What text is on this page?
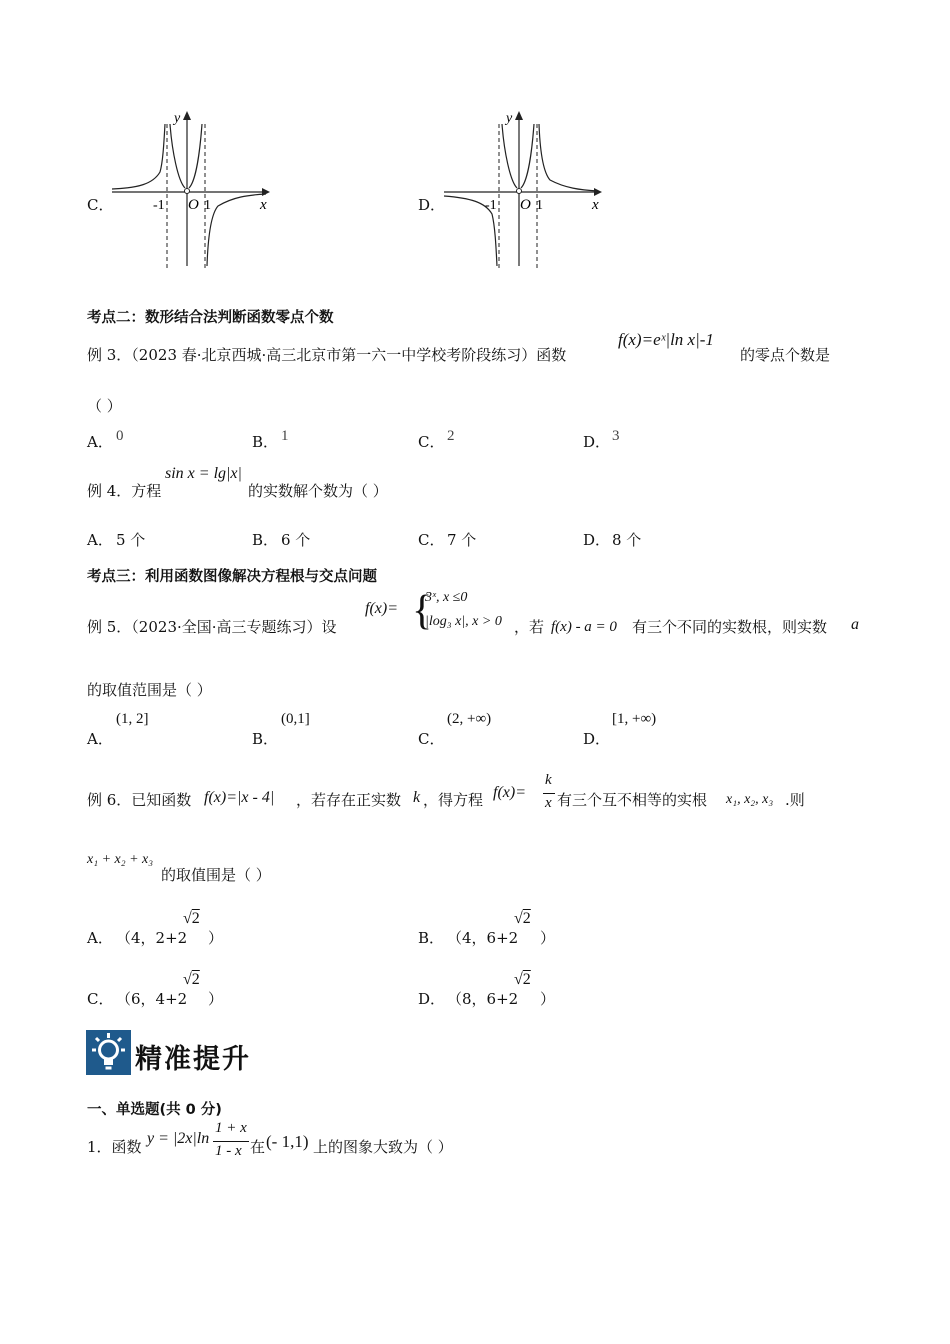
C．
y
x
-1 O 1	D．
y
x
-1 O 1
考点二：数形结合法判断函数零点个数
例 3．（2023 春·北京西城·高三北京市第一六一中学校考阶段练习）函数
f(x)=eˣ|ln x|-1
的零点个数是
（ ）
A． 0	B． 1	C． 2	D． 3
例 4．方程
sin x = lg|x|
的实数解个数为（ ）
A． 5 个	B． 6 个	C． 7 个	D． 8 个
考点三：利用函数图像解决方程根与交点问题
例 5．（2023·全国·高三专题练习）设
f(x)= {
3ˣ, x ≤0
|log₃ x|, x > 0 ，若 f(x) - a = 0 有三个不同的实数根，则实数 a
的取值范围是（ ）
A．
(1, 2]
B．
(0,1]
C．
(2, +∞)
D．
[1, +∞)
例 6．已知函数 f(x)=|x - 4| ，若存在正实数 k ，得方程 f(x)=
k
x 有三个互不相等的实根 x₁, x₂, x₃ .则
x₁ + x₂ + x₃
的取值围是（ ）
A． （4，2+2
√2
）	B． （4，6+2
√2
）
C． （6，4+2
√2
）	D． （8，6+2
√2
）
精准提升
一、单选题(共 0 分)
1．函数 y = |2x|ln
1 + x
1 - x 在 (- 1,1) 上的图象大致为（ ）
